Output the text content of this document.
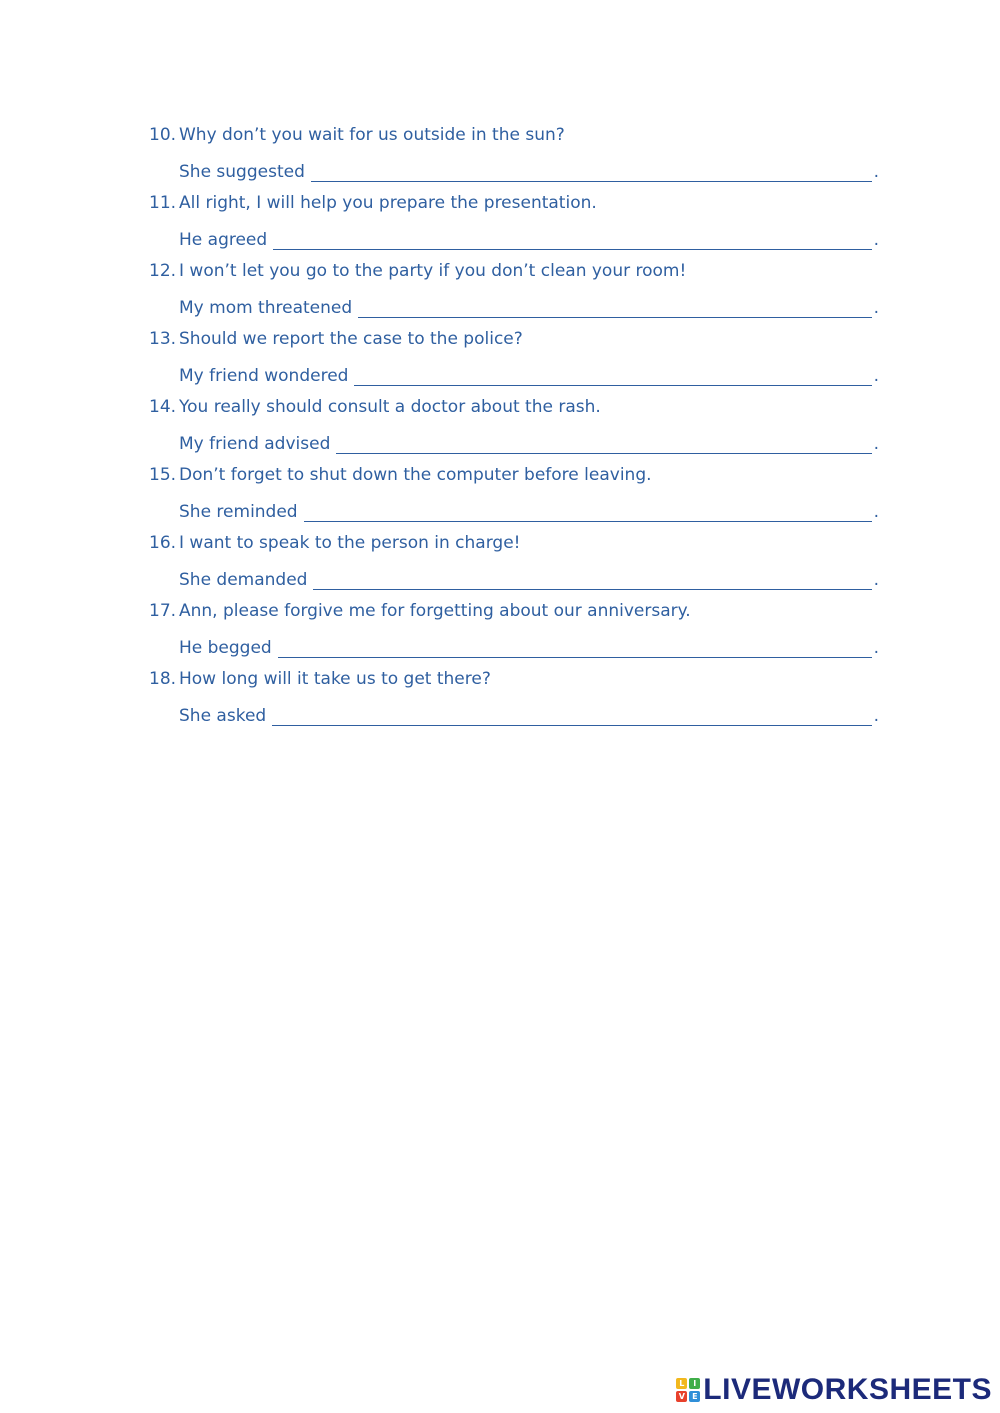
10. Why don’t you wait for us outside in the sun?
She suggested	.
11. All right, I will help you prepare the presentation.
He agreed	.
12. I won’t let you go to the party if you don’t clean your room!
My mom threatened	.
13. Should we report the case to the police?
My friend wondered	.
14. You really should consult a doctor about the rash.
My friend advised	.
15. Don’t forget to shut down the computer before leaving.
She reminded	.
16. I want to speak to the person in charge!
She demanded	.
17. Ann, please forgive me for forgetting about our anniversary.
He begged	.
18. How long will it take us to get there?
She asked	.
L	I
V E LIVEWORKSHEETS
